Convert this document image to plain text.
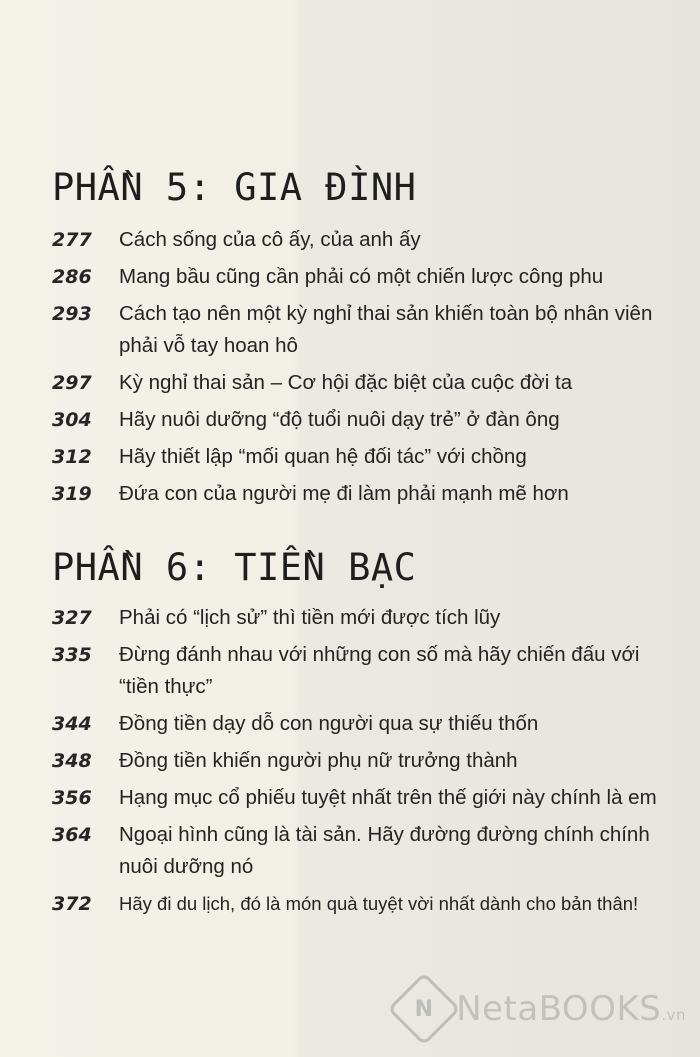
PHẦN 5: GIA ĐÌNH
277	Cách sống của cô ấy, của anh ấy
286	Mang bầu cũng cần phải có một chiến lược công phu
293	Cách tạo nên một kỳ nghỉ thai sản khiến toàn bộ nhân viên phải vỗ tay hoan hô
297	Kỳ nghỉ thai sản – Cơ hội đặc biệt của cuộc đời ta
304	Hãy nuôi dưỡng “độ tuổi nuôi dạy trẻ” ở đàn ông
312	Hãy thiết lập “mối quan hệ đối tác” với chồng
319	Đứa con của người mẹ đi làm phải mạnh mẽ hơn
PHẦN 6: TIỀN BẠC
327	Phải có “lịch sử” thì tiền mới được tích lũy
335	Đừng đánh nhau với những con số mà hãy chiến đấu với “tiền thực”
344	Đồng tiền dạy dỗ con người qua sự thiếu thốn
348	Đồng tiền khiến người phụ nữ trưởng thành
356	Hạng mục cổ phiếu tuyệt nhất trên thế giới này chính là em
364	Ngoại hình cũng là tài sản. Hãy đường đường chính chính nuôi dưỡng nó
372	Hãy đi du lịch, đó là món quà tuyệt vời nhất dành cho bản thân!
N NetaBOOKS.vn
